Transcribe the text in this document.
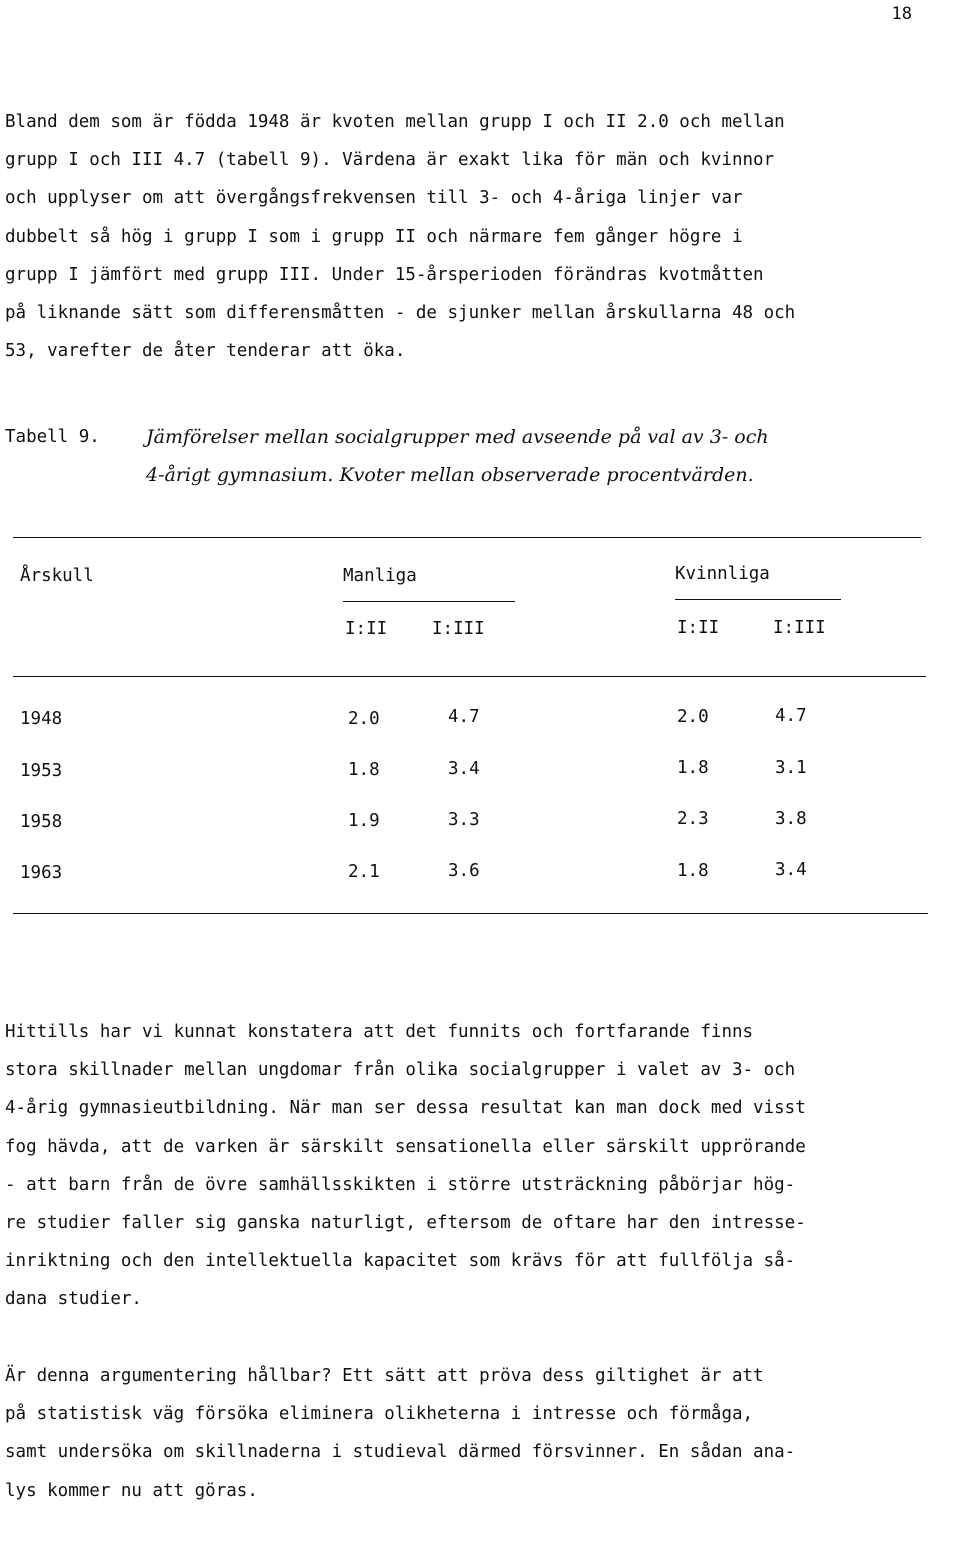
18

Bland dem som är födda 1948 är kvoten mellan grupp I och II 2.0 och mellan
grupp I och III 4.7 (tabell 9). Värdena är exakt lika för män och kvinnor
och upplyser om att övergångsfrekvensen till 3- och 4-åriga linjer var
dubbelt så hög i grupp I som i grupp II och närmare fem gånger högre i
grupp I jämfört med grupp III. Under 15-årsperioden förändras kvotmåtten
på liknande sätt som differensmåtten - de sjunker mellan årskullarna 48 och
53, varefter de åter tenderar att öka.

Tabell 9. Jämförelser mellan socialgrupper med avseende på val av 3- och
4-årigt gymnasium. Kvoter mellan observerade procentvärden.
Årskull	Manliga	Kvinnliga
I:II	I:III	I:II	I:III
1948	2.0	4.7	2.0	4.7
1953	1.8	3.4	1.8	3.1
1958	1.9	3.3	2.3	3.8
1963	2.1	3.6	1.8	3.4

Hittills har vi kunnat konstatera att det funnits och fortfarande finns
stora skillnader mellan ungdomar från olika socialgrupper i valet av 3- och
4-årig gymnasieutbildning. När man ser dessa resultat kan man dock med visst
fog hävda, att de varken är särskilt sensationella eller särskilt upprörande
- att barn från de övre samhällsskikten i större utsträckning påbörjar hög-
re studier faller sig ganska naturligt, eftersom de oftare har den intresse-
inriktning och den intellektuella kapacitet som krävs för att fullfölja så-
dana studier.

Är denna argumentering hållbar? Ett sätt att pröva dess giltighet är att
på statistisk väg försöka eliminera olikheterna i intresse och förmåga,
samt undersöka om skillnaderna i studieval därmed försvinner. En sådan ana-
lys kommer nu att göras.
